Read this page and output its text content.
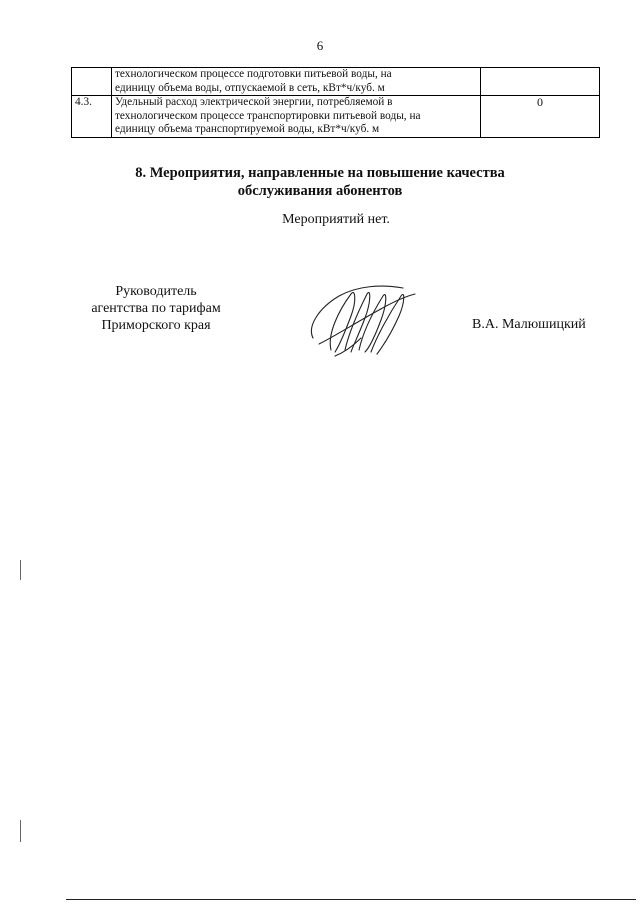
6

	технологическом процессе подготовки питьевой воды, на
единицу объема воды, отпускаемой в сеть, кВт*ч/куб. м	

4.3.	Удельный расход электрической энергии, потребляемой в
технологическом процессе транспортировки питьевой воды, на
единицу объема транспортируемой воды, кВт*ч/куб. м	0
8. Мероприятия, направленные на повышение качества
обслуживания абонентов
Мероприятий нет.
Руководитель
агентства по тарифам
Приморского края	В.А. Малюшицкий
